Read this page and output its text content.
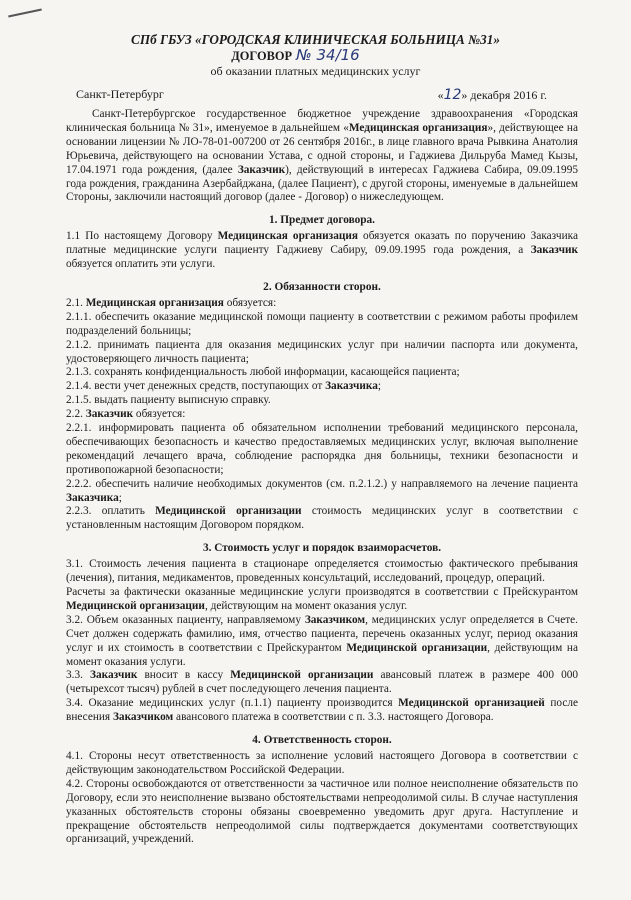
СПб ГБУЗ «ГОРОДСКАЯ КЛИНИЧЕСКАЯ БОЛЬНИЦА №31»
ДОГОВОР № 34/16
об оказании платных медицинских услуг
Санкт-Петербург	«12» декабря 2016 г.

Санкт-Петербургское государственное бюджетное учреждение здравоохранения «Городская клиническая больница № 31», именуемое в дальнейшем «Медицинская организация», действующее на основании лицензии № ЛО-78-01-007200 от 26 сентября 2016г., в лице главного врача Рывкина Анатолия Юрьевича, действующего на основании Устава, с одной стороны, и Гаджиева Дильруба Мамед Кызы, 17.04.1971 года рождения, (далее Заказчик), действующий в интересах Гаджиева Сабира, 09.09.1995 года рождения, гражданина Азербайджана, (далее Пациент), с другой стороны, именуемые в дальнейшем Стороны, заключили настоящий договор (далее - Договор) о нижеследующем.

1. Предмет договора.

1.1 По настоящему Договору Медицинская организация обязуется оказать по поручению Заказчика платные медицинские услуги пациенту Гаджиеву Сабиру, 09.09.1995 года рождения, а Заказчик обязуется оплатить эти услуги.

2. Обязанности сторон.

2.1. Медицинская организация обязуется:

2.1.1. обеспечить оказание медицинской помощи пациенту в соответствии с режимом работы профилем подразделений больницы;

2.1.2. принимать пациента для оказания медицинских услуг при наличии паспорта или документа, удостоверяющего личность пациента;

2.1.3. сохранять конфиденциальность любой информации, касающейся пациента;

2.1.4. вести учет денежных средств, поступающих от Заказчика;

2.1.5. выдать пациенту выписную справку.

2.2. Заказчик обязуется:

2.2.1. информировать пациента об обязательном исполнении требований медицинского персонала, обеспечивающих безопасность и качество предоставляемых медицинских услуг, включая выполнение рекомендаций лечащего врача, соблюдение распорядка дня больницы, техники безопасности и противопожарной безопасности;

2.2.2. обеспечить наличие необходимых документов (см. п.2.1.2.) у направляемого на лечение пациента Заказчика;

2.2.3. оплатить Медицинской организации стоимость медицинских услуг в соответствии с установленным настоящим Договором порядком.

3. Стоимость услуг и порядок взаиморасчетов.

3.1. Стоимость лечения пациента в стационаре определяется стоимостью фактического пребывания (лечения), питания, медикаментов, проведенных консультаций, исследований, процедур, операций.

Расчеты за фактически оказанные медицинские услуги производятся в соответствии с Прейскурантом Медицинской организации, действующим на момент оказания услуг.

3.2. Объем оказанных пациенту, направляемому Заказчиком, медицинских услуг определяется в Счете. Счет должен содержать фамилию, имя, отчество пациента, перечень оказанных услуг, период оказания услуг и их стоимость в соответствии с Прейскурантом Медицинской организации, действующим на момент оказания услуги.

3.3. Заказчик вносит в кассу Медицинской организации авансовый платеж в размере 400 000 (четырехсот тысяч) рублей в счет последующего лечения пациента.

3.4. Оказание медицинских услуг (п.1.1) пациенту производится Медицинской организацией после внесения Заказчиком авансового платежа в соответствии с п. 3.3. настоящего Договора.

4. Ответственность сторон.

4.1. Стороны несут ответственность за исполнение условий настоящего Договора в соответствии с действующим законодательством Российской Федерации.

4.2. Стороны освобождаются от ответственности за частичное или полное неисполнение обязательств по Договору, если это неисполнение вызвано обстоятельствами непреодолимой силы. В случае наступления указанных обстоятельств стороны обязаны своевременно уведомить друг друга. Наступление и прекращение обстоятельств непреодолимой силы подтверждается документами соответствующих организаций, учреждений.
